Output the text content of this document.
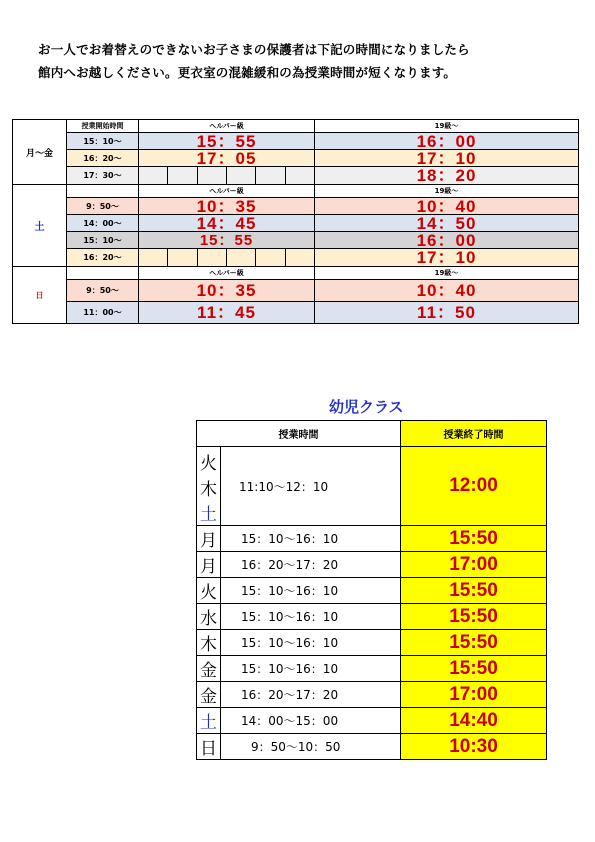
お一人でお着替えのできないお子さまの保護者は下記の時間になりましたら
館内へお越しください。更衣室の混雑緩和の為授業時間が短くなります。
月～金	授業開始時間	ヘルパー級	19級～
	15：10～	15：55	16：00
	16：20～	17：05	17：10
	17：30～		18：20
土		ヘルパー級	19級～
	9：50～	10：35	10：40
	14：00～	14：45	14：50
	15：10～	15：55	16：00
	16：20～		17：10
日		ヘルパー級	19級～
	9：50～	10：35	10：40
	11：00～	11：45	11：50
幼児クラス
授業時間		授業終了時間
火	11:10～12：10	12:00
木		
土		
月	15：10～16：10	15:50
月	16：20～17：20	17:00
火	15：10～16：10	15:50
水	15：10～16：10	15:50
木	15：10～16：10	15:50
金	15：10～16：10	15:50
金	16：20～17：20	17:00
土	14：00～15：00	14:40
日	9：50～10：50	10:30
